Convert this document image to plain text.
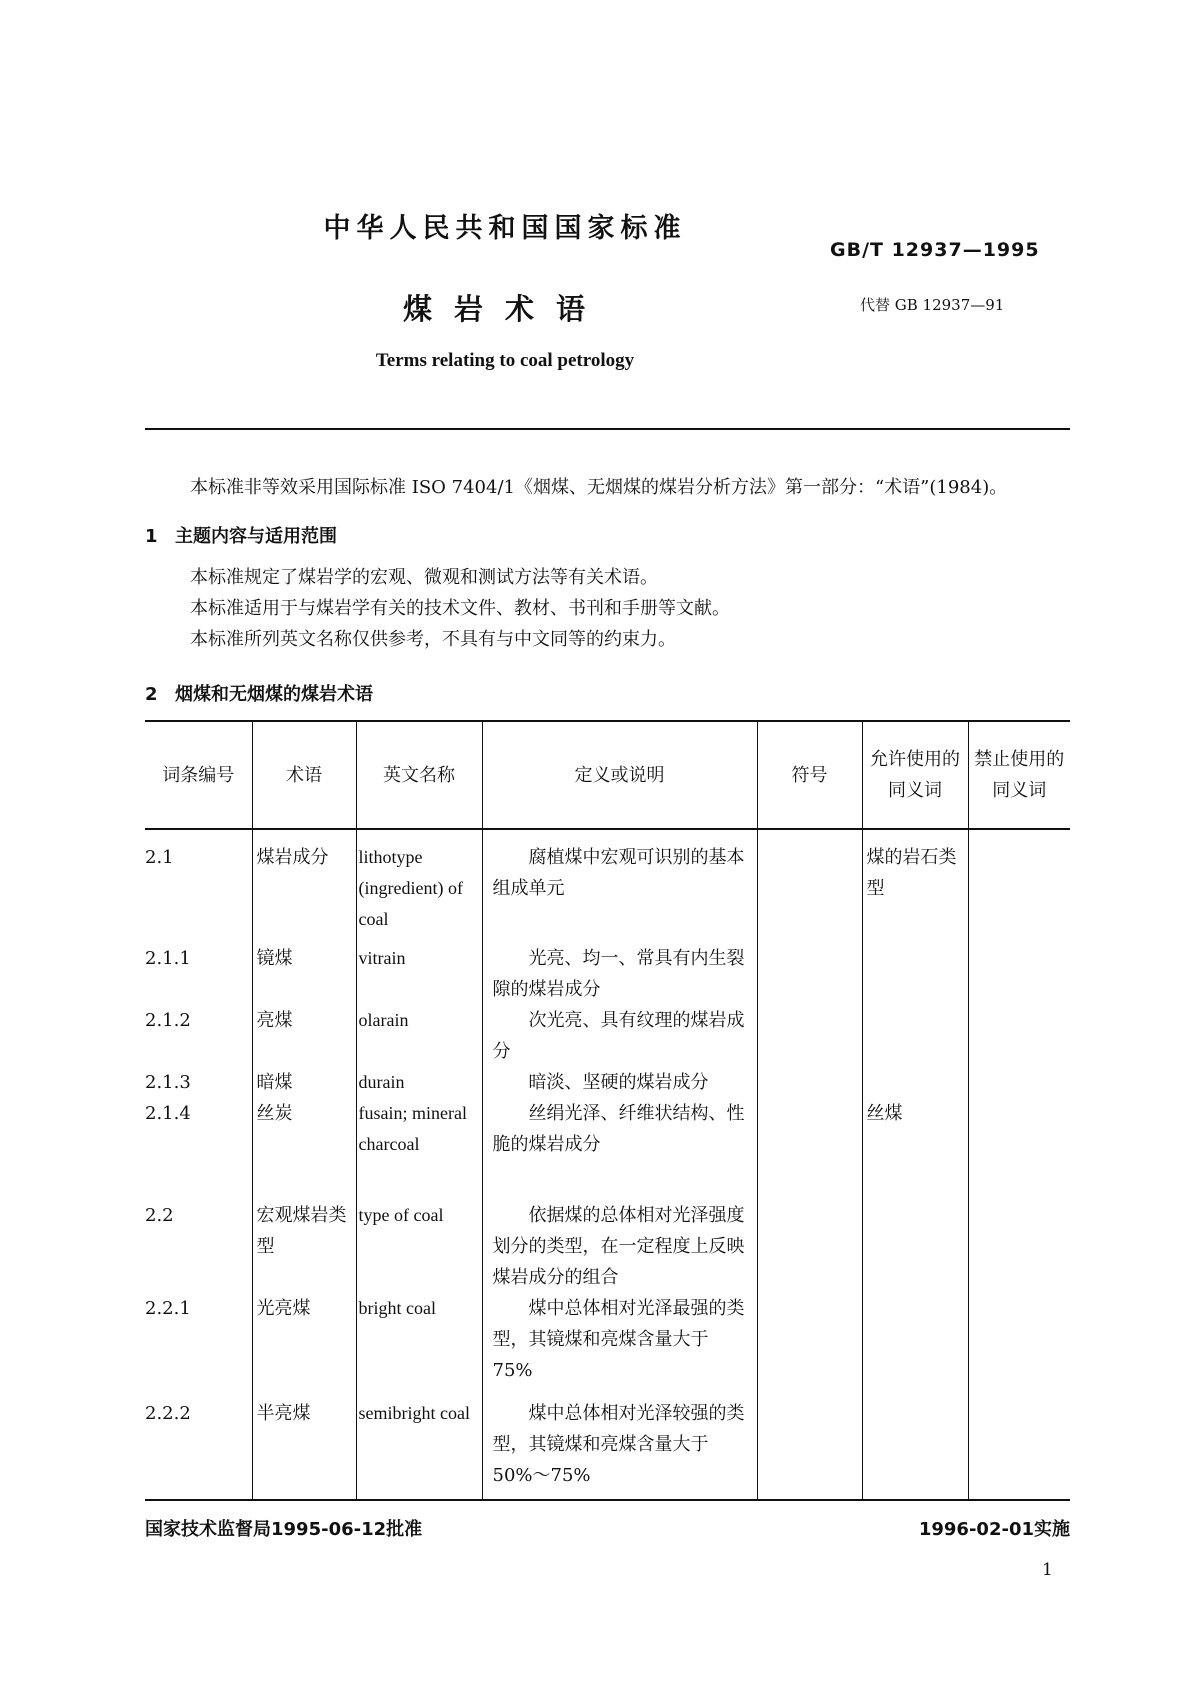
中华人民共和国国家标准
GB/T 12937—1995
煤岩术语	代替 GB 12937—91
Terms relating to coal petrology
本标准非等效采用国际标准 ISO 7404/1《烟煤、无烟煤的煤岩分析方法》第一部分：“术语”(1984)。
1 主题内容与适用范围
本标准规定了煤岩学的宏观、微观和测试方法等有关术语。
本标准适用于与煤岩学有关的技术文件、教材、书刊和手册等文献。
本标准所列英文名称仅供参考，不具有与中文同等的约束力。
2 烟煤和无烟煤的煤岩术语
词条编号	术语	英文名称	定义或说明	符号	允许使用的同义词	禁止使用的同义词
2.1	煤岩成分	lithotype (ingredient) of coal	腐植煤中宏观可识别的基本组成单元		煤的岩石类型	
2.1.1	镜煤	vitrain	光亮、均一、常具有内生裂隙的煤岩成分			
2.1.2	亮煤	olarain	次光亮、具有纹理的煤岩成分			
2.1.3	暗煤	durain	暗淡、坚硬的煤岩成分			
2.1.4	丝炭	fusain; mineral charcoal	丝绢光泽、纤维状结构、性脆的煤岩成分		丝煤	
2.2	宏观煤岩类型	type of coal	依据煤的总体相对光泽强度划分的类型，在一定程度上反映煤岩成分的组合			
2.2.1	光亮煤	bright coal	煤中总体相对光泽最强的类型，其镜煤和亮煤含量大于 75%			
2.2.2	半亮煤	semibright coal	煤中总体相对光泽较强的类型，其镜煤和亮煤含量大于 50%～75%			
国家技术监督局1995-06-12批准	1996-02-01实施
1
